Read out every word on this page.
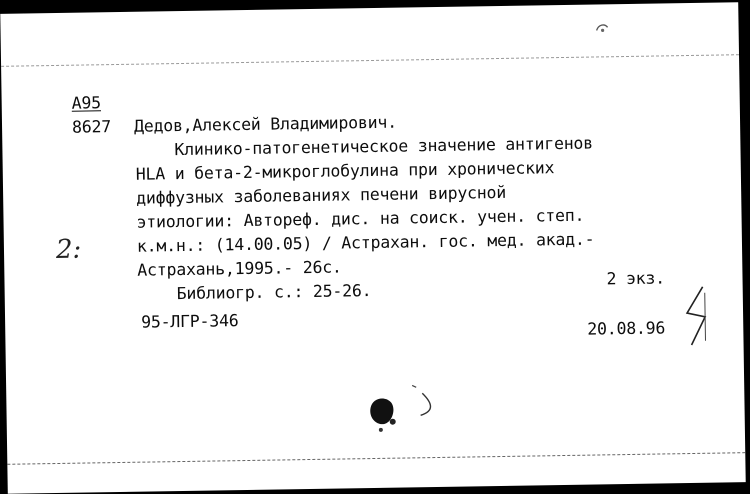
А95
8627 Дедов,Алексей Владимирович.
Клинико-патогенетическое значение антигенов
HLA и бета-2-микроглобулина при хронических
диффузных заболеваниях печени вирусной
этиологии: Автореф. дис. на соиск. учен. степ.
к.м.н.: (14.00.05) / Астрахан. гос. мед. акад.-
Астрахань,1995.- 26с.
Библиогр. с.: 25-26.
2 экз.
95-ЛГР-346	20.08.96
2:
